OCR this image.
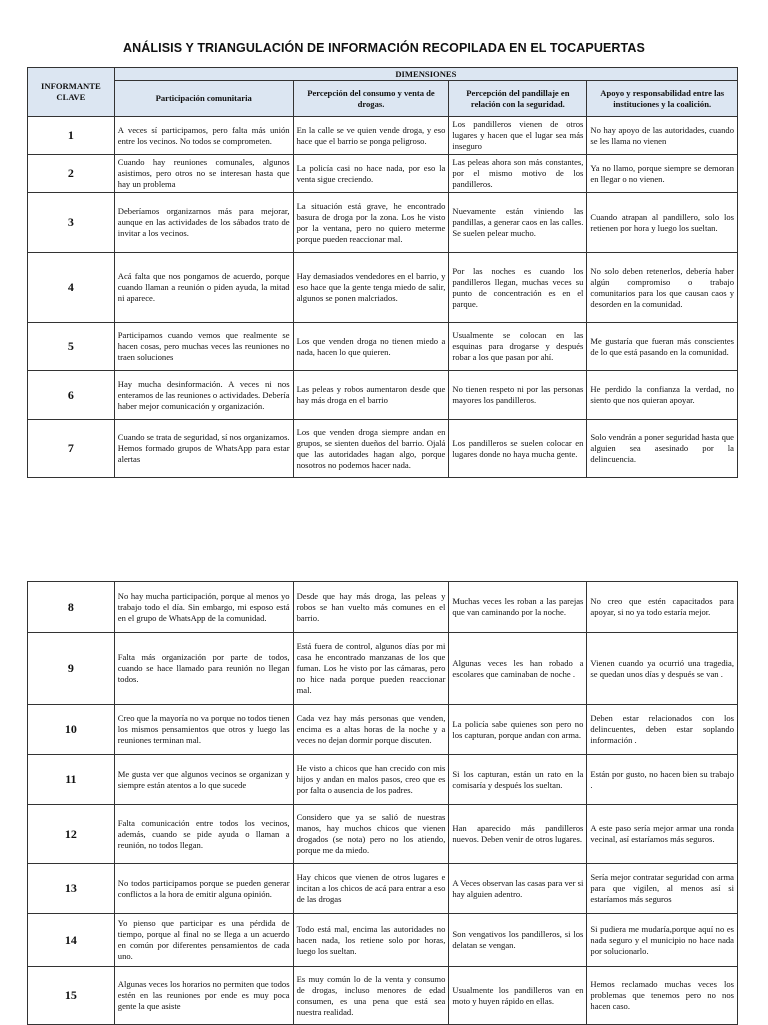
ANÁLISIS Y TRIANGULACIÓN DE INFORMACIÓN RECOPILADA EN EL TOCAPUERTAS
INFORMANTE CLAVE	DIMENSIONES			
	Participación comunitaria	Percepción del consumo y venta de drogas.	Percepción del pandillaje en relación con la seguridad.	Apoyo y responsabilidad entre las instituciones y la coalición.
1	A veces sí participamos, pero falta más unión entre los vecinos. No todos se comprometen.	En la calle se ve quien vende droga, y eso hace que el barrio se ponga peligroso.	Los pandilleros vienen de otros lugares y hacen que el lugar sea más inseguro	No hay apoyo de las autoridades, cuando se les llama no vienen
2	Cuando hay reuniones comunales, algunos asistimos, pero otros no se interesan hasta que hay un problema	La policía casi no hace nada, por eso la venta sigue creciendo.	Las peleas ahora son más constantes, por el mismo motivo de los pandilleros.	Ya no llamo, porque siempre se demoran en llegar o no vienen.
3	Deberíamos organizarnos más para mejorar, aunque en las actividades de los sábados trato de invitar a los vecinos.	La situación está grave, he encontrado basura de droga por la zona. Los he visto por la ventana, pero no quiero meterme porque pueden reaccionar mal.	Nuevamente están viniendo las pandillas, a generar caos en las calles. Se suelen pelear mucho.	Cuando atrapan al pandillero, solo los retienen por hora y luego los sueltan.
4	Acá falta que nos pongamos de acuerdo, porque cuando llaman a reunión o piden ayuda, la mitad ni aparece.	Hay demasiados vendedores en el barrio, y eso hace que la gente tenga miedo de salir, algunos se ponen malcriados.	Por las noches es cuando los pandilleros llegan, muchas veces su punto de concentración es en el parque.	No solo deben retenerlos, debería haber algún compromiso o trabajo comunitarios para los que causan caos y desorden en la comunidad.
5	Participamos cuando vemos que realmente se hacen cosas, pero muchas veces las reuniones no traen soluciones	Los que venden droga no tienen miedo a nada, hacen lo que quieren.	Usualmente se colocan en las esquinas para drogarse y después robar a los que pasan por ahí.	Me gustaría que fueran más conscientes de lo que está pasando en la comunidad.
6	Hay mucha desinformación. A veces ni nos enteramos de las reuniones o actividades. Debería haber mejor comunicación y organización.	Las peleas y robos aumentaron desde que hay más droga en el barrio	No tienen respeto ni por las personas mayores los pandilleros.	He perdido la confianza la verdad, no siento que nos quieran apoyar.
7	Cuando se trata de seguridad, sí nos organizamos. Hemos formado grupos de WhatsApp para estar alertas	Los que venden droga siempre andan en grupos, se sienten dueños del barrio. Ojalá que las autoridades hagan algo, porque nosotros no podemos hacer nada.	Los pandilleros se suelen colocar en lugares donde no haya mucha gente.	Solo vendrán a poner seguridad hasta que alguien sea asesinado por la delincuencia.
8	No hay mucha participación, porque al menos yo trabajo todo el día. Sin embargo, mi esposo está en el grupo de WhatsApp de la comunidad.	Desde que hay más droga, las peleas y robos se han vuelto más comunes en el barrio.	Muchas veces les roban a las parejas que van caminando por la noche.	No creo que estén capacitados para apoyar, si no ya todo estaría mejor.
9	Falta más organización por parte de todos, cuando se hace llamado para reunión no llegan todos.	Está fuera de control, algunos días por mi casa he encontrado manzanas de los que fuman. Los he visto por las cámaras, pero no hice nada porque pueden reaccionar mal.	Algunas veces les han robado a escolares que caminaban de noche .	Vienen cuando ya ocurrió una tragedia, se quedan unos días y después se van .
10	Creo que la mayoría no va porque no todos tienen los mismos pensamientos que otros y luego las reuniones terminan mal.	Cada vez hay más personas que venden, encima es a altas horas de la noche y a veces no dejan dormir porque discuten.	La policía sabe quienes son pero no los capturan, porque andan con arma.	Deben estar relacionados con los delincuentes, deben estar soplando información .
11	Me gusta ver que algunos vecinos se organizan y siempre están atentos a lo que sucede	He visto a chicos que han crecido con mis hijos y andan en malos pasos, creo que es por falta o ausencia de los padres.	Si los capturan, están un rato en la comisaría y después los sueltan.	Están por gusto, no hacen bien su trabajo .
12	Falta comunicación entre todos los vecinos, además, cuando se pide ayuda o llaman a reunión, no todos llegan.	Considero que ya se salió de nuestras manos, hay muchos chicos que vienen drogados (se nota) pero no los atiendo, porque me da miedo.	Han aparecido más pandilleros nuevos. Deben venir de otros lugares.	A este paso sería mejor armar una ronda vecinal, así estaríamos más seguros.
13	No todos participamos porque se pueden generar conflictos a la hora de emitir alguna opinión.	Hay chicos que vienen de otros lugares e incitan a los chicos de acá para entrar a eso de las drogas	A Veces observan las casas para ver si hay alguien adentro.	Sería mejor contratar seguridad con arma para que vigilen, al menos así si estaríamos más seguros
14	Yo pienso que participar es una pérdida de tiempo, porque al final no se llega a un acuerdo en común por diferentes pensamientos de cada uno.	Todo está mal, encima las autoridades no hacen nada, los retiene solo por horas, luego los sueltan.	Son vengativos los pandilleros, si los delatan se vengan.	Si pudiera me mudaría,porque aquí no es nada seguro y el municipio no hace nada por solucionarlo.
15	Algunas veces los horarios no permiten que todos estén en las reuniones por ende es muy poca gente la que asiste	Es muy común lo de la venta y consumo de drogas, incluso menores de edad consumen, es una pena que está sea nuestra realidad.	Usualmente los pandilleros van en moto y huyen rápido en ellas.	Hemos reclamado muchas veces los problemas que tenemos pero no nos hacen caso.
